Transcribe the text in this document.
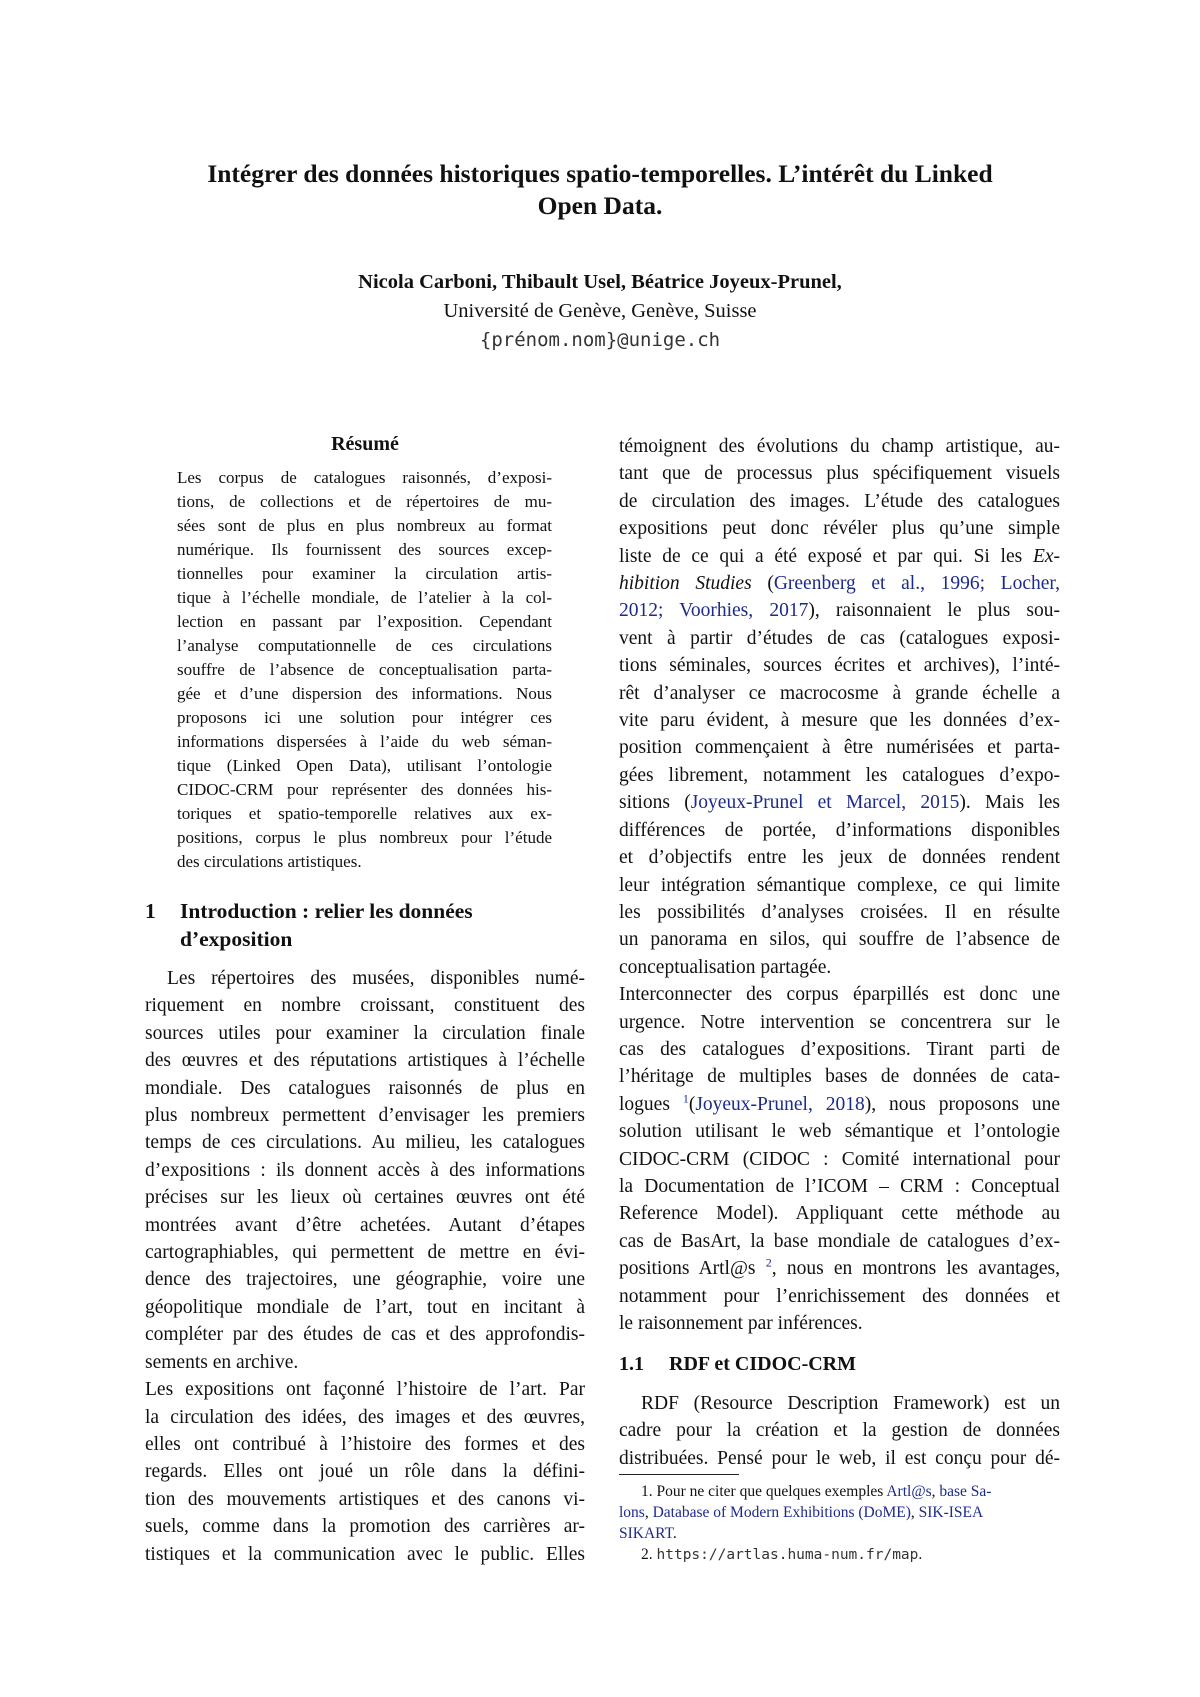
Intégrer des données historiques spatio-temporelles. L’intérêt du Linked
Open Data.
Nicola Carboni, Thibault Usel, Béatrice Joyeux-Prunel,
Université de Genève, Genève, Suisse
{prénom.nom}@unige.ch
Résumé
Les corpus de catalogues raisonnés, d’exposi-
tions, de collections et de répertoires de mu-
sées sont de plus en plus nombreux au format
numérique. Ils fournissent des sources excep-
tionnelles pour examiner la circulation artis-
tique à l’échelle mondiale, de l’atelier à la col-
lection en passant par l’exposition. Cependant
l’analyse computationnelle de ces circulations
souffre de l’absence de conceptualisation parta-
gée et d’une dispersion des informations. Nous
proposons ici une solution pour intégrer ces
informations dispersées à l’aide du web séman-
tique (Linked Open Data), utilisant l’ontologie
CIDOC-CRM pour représenter des données his-
toriques et spatio-temporelle relatives aux ex-
positions, corpus le plus nombreux pour l’étude
des circulations artistiques.
1 Introduction : relier les données
d’exposition
Les répertoires des musées, disponibles numé-
riquement en nombre croissant, constituent des
sources utiles pour examiner la circulation finale
des œuvres et des réputations artistiques à l’échelle
mondiale. Des catalogues raisonnés de plus en
plus nombreux permettent d’envisager les premiers
temps de ces circulations. Au milieu, les catalogues
d’expositions : ils donnent accès à des informations
précises sur les lieux où certaines œuvres ont été
montrées avant d’être achetées. Autant d’étapes
cartographiables, qui permettent de mettre en évi-
dence des trajectoires, une géographie, voire une
géopolitique mondiale de l’art, tout en incitant à
compléter par des études de cas et des approfondis-
sements en archive.
Les expositions ont façonné l’histoire de l’art. Par
la circulation des idées, des images et des œuvres,
elles ont contribué à l’histoire des formes et des
regards. Elles ont joué un rôle dans la défini-
tion des mouvements artistiques et des canons vi-
suels, comme dans la promotion des carrières ar-
tistiques et la communication avec le public. Elles
témoignent des évolutions du champ artistique, au-
tant que de processus plus spécifiquement visuels
de circulation des images. L’étude des catalogues
expositions peut donc révéler plus qu’une simple
liste de ce qui a été exposé et par qui. Si les Ex-
hibition Studies (Greenberg et al., 1996; Locher,
2012; Voorhies, 2017), raisonnaient le plus sou-
vent à partir d’études de cas (catalogues exposi-
tions séminales, sources écrites et archives), l’inté-
rêt d’analyser ce macrocosme à grande échelle a
vite paru évident, à mesure que les données d’ex-
position commençaient à être numérisées et parta-
gées librement, notamment les catalogues d’expo-
sitions (Joyeux-Prunel et Marcel, 2015). Mais les
différences de portée, d’informations disponibles
et d’objectifs entre les jeux de données rendent
leur intégration sémantique complexe, ce qui limite
les possibilités d’analyses croisées. Il en résulte
un panorama en silos, qui souffre de l’absence de
conceptualisation partagée.
Interconnecter des corpus éparpillés est donc une
urgence. Notre intervention se concentrera sur le
cas des catalogues d’expositions. Tirant parti de
l’héritage de multiples bases de données de cata-
logues $^1$(Joyeux-Prunel, 2018), nous proposons une
solution utilisant le web sémantique et l’ontologie
CIDOC-CRM (CIDOC : Comité international pour
la Documentation de l’ICOM – CRM : Conceptual
Reference Model). Appliquant cette méthode au
cas de BasArt, la base mondiale de catalogues d’ex-
positions Artl@s $^2$, nous en montrons les avantages,
notamment pour l’enrichissement des données et
le raisonnement par inférences.
1.1 RDF et CIDOC-CRM
RDF (Resource Description Framework) est un
cadre pour la création et la gestion de données
distribuées. Pensé pour le web, il est conçu pour dé-
1. Pour ne citer que quelques exemples Artl@s, base Sa-
lons, Database of Modern Exhibitions (DoME), SIK-ISEA
SIKART.
2. https://artlas.huma-num.fr/map.
